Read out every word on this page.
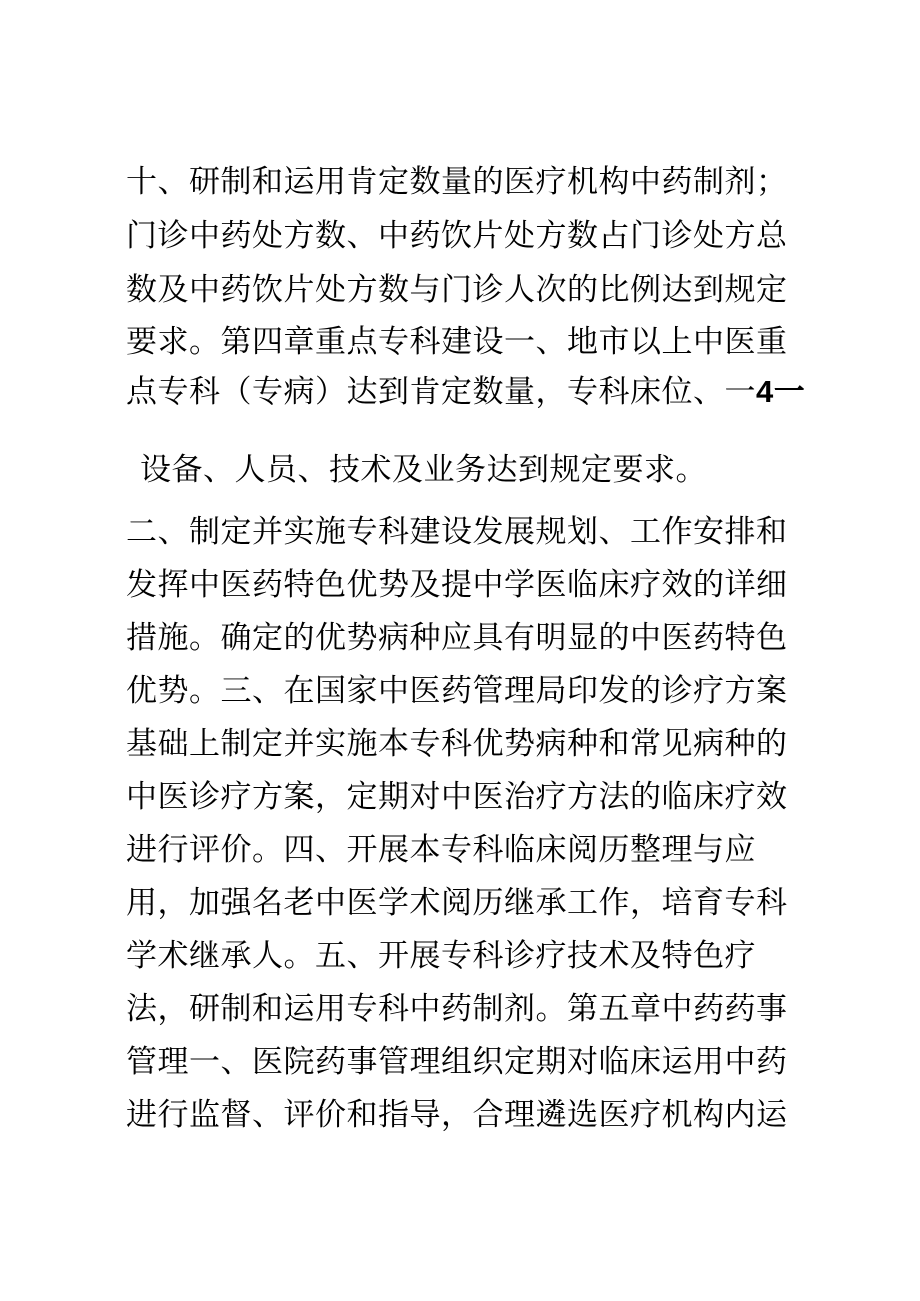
十、研制和运用肯定数量的医疗机构中药制剂；
门诊中药处方数、中药饮片处方数占门诊处方总
数及中药饮片处方数与门诊人次的比例达到规定
要求。第四章重点专科建设一、地市以上中医重
点专科（专病）达到肯定数量，专科床位、一4一
设备、人员、技术及业务达到规定要求。
二、制定并实施专科建设发展规划、工作安排和
发挥中医药特色优势及提中学医临床疗效的详细
措施。确定的优势病种应具有明显的中医药特色
优势。三、在国家中医药管理局印发的诊疗方案
基础上制定并实施本专科优势病种和常见病种的
中医诊疗方案，定期对中医治疗方法的临床疗效
进行评价。四、开展本专科临床阅历整理与应
用，加强名老中医学术阅历继承工作，培育专科
学术继承人。五、开展专科诊疗技术及特色疗
法，研制和运用专科中药制剂。第五章中药药事
管理一、医院药事管理组织定期对临床运用中药
进行监督、评价和指导，合理遴选医疗机构内运
